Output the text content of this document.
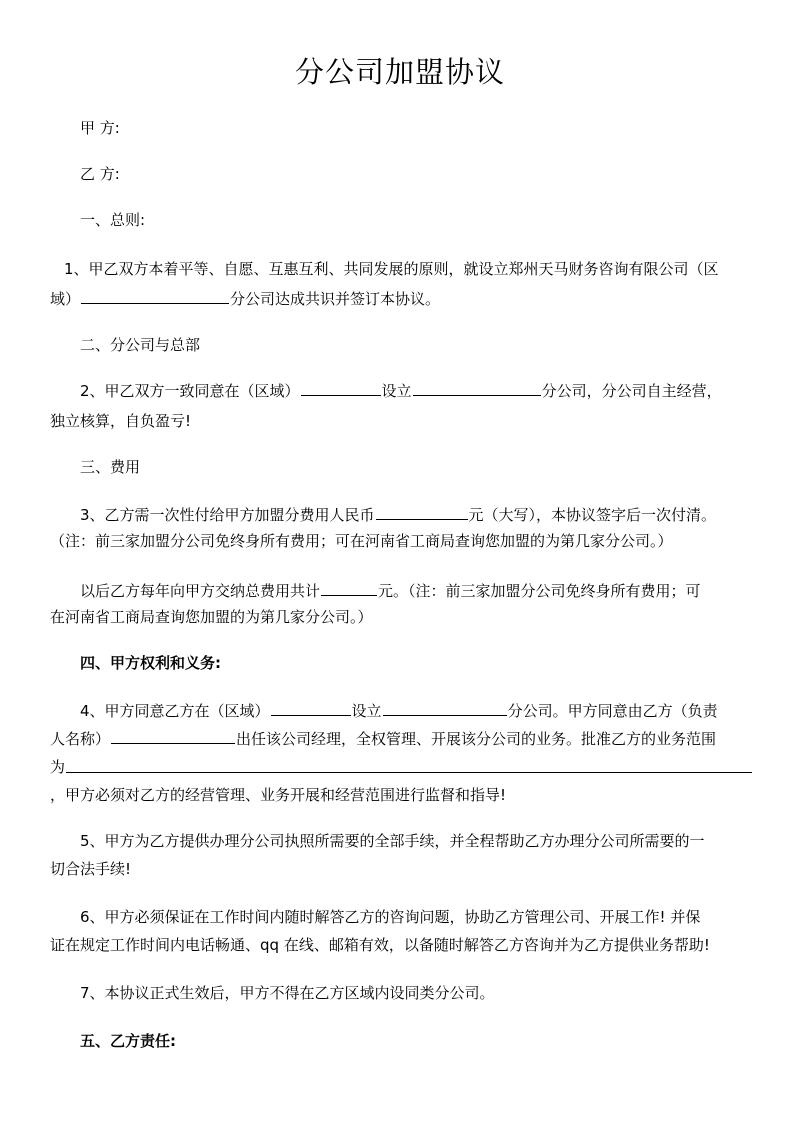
分公司加盟协议
甲 方:
乙 方:
一、总则:
1、甲乙双方本着平等、自愿、互惠互利、共同发展的原则，就设立郑州天马财务咨询有限公司（区
域）	分公司达成共识并签订本协议。
二、分公司与总部
2、甲乙双方一致同意在（区域）	设立	分公司，分公司自主经营，
独立核算，自负盈亏!
三、费用
3、乙方需一次性付给甲方加盟分费用人民币	元（大写），本协议签字后一次付清。
（注：前三家加盟分公司免终身所有费用；可在河南省工商局查询您加盟的为第几家分公司。）
以后乙方每年向甲方交纳总费用共计	元。（注：前三家加盟分公司免终身所有费用；可
在河南省工商局查询您加盟的为第几家分公司。）
四、甲方权利和义务:
4、甲方同意乙方在（区域）	设立	分公司。甲方同意由乙方（负责
人名称）	出任该公司经理，全权管理、开展该分公司的业务。批准乙方的业务范围
为
，甲方必须对乙方的经营管理、业务开展和经营范围进行监督和指导!
5、甲方为乙方提供办理分公司执照所需要的全部手续，并全程帮助乙方办理分公司所需要的一
切合法手续!
6、甲方必须保证在工作时间内随时解答乙方的咨询问题，协助乙方管理公司、开展工作! 并保
证在规定工作时间内电话畅通、qq 在线、邮箱有效，以备随时解答乙方咨询并为乙方提供业务帮助!
7、本协议正式生效后，甲方不得在乙方区域内设同类分公司。
五、乙方责任:
